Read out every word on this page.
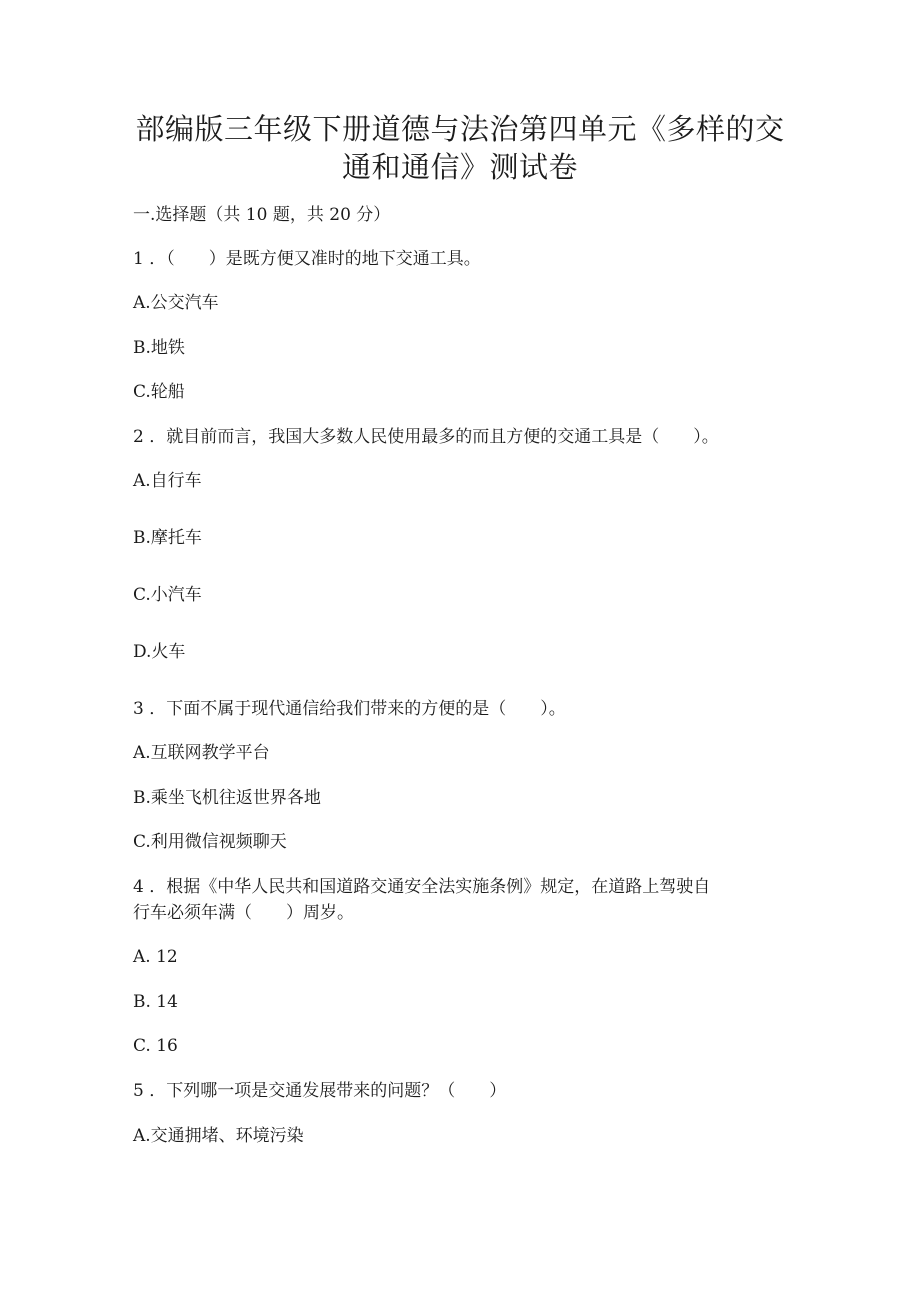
部编版三年级下册道德与法治第四单元《多样的交
通和通信》测试卷
一.选择题（共 10 题，共 20 分）
1 ．（　　）是既方便又准时的地下交通工具。
A.公交汽车
B.地铁
C.轮船
2 ．就目前而言，我国大多数人民使用最多的而且方便的交通工具是（　　）。
A.自行车
B.摩托车
C.小汽车
D.火车
3 ．下面不属于现代通信给我们带来的方便的是（　　）。
A.互联网教学平台
B.乘坐飞机往返世界各地
C.利用微信视频聊天
4 ．根据《中华人民共和国道路交通安全法实施条例》规定，在道路上驾驶自
行车必须年满（　　）周岁。
A. 12
B. 14
C. 16
5 ．下列哪一项是交通发展带来的问题？（　　）
A.交通拥堵、环境污染
